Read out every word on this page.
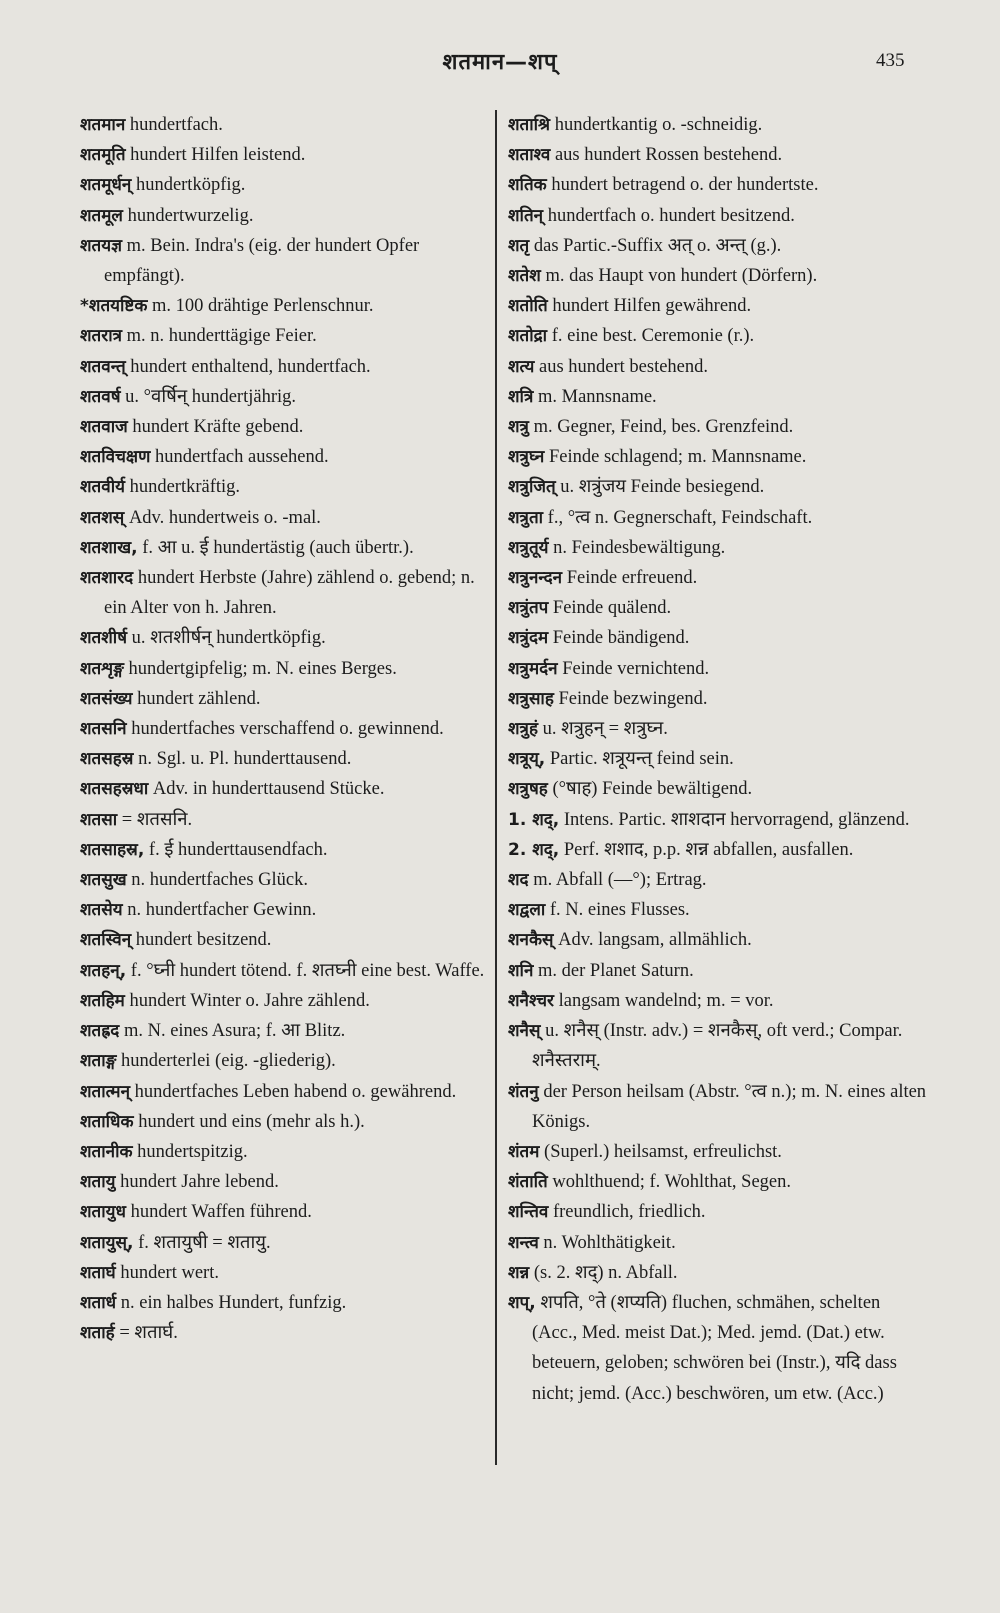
शतमान—शप्	435

शतमान hundertfach.

शतमूति hundert Hilfen leistend.

शतमूर्धन् hundertköpfig.

शतमूल hundertwurzelig.

शतयज्ञ m. Bein. Indra's (eig. der hundert Opfer empfängt).

*शतयष्टिक m. 100 drähtige Perlenschnur.

शतरात्र m. n. hunderttägige Feier.

शतवन्त् hundert enthaltend, hundertfach.

शतवर्ष u. °वर्षिन् hundertjährig.

शतवाज hundert Kräfte gebend.

शतविचक्षण hundertfach aussehend.

शतवीर्य hundertkräftig.

शतशस् Adv. hundertweis o. -mal.

शतशाख, f. आ u. ई hundertästig (auch übertr.).

शतशारद hundert Herbste (Jahre) zählend o. gebend; n. ein Alter von h. Jahren.

शतशीर्ष u. शतशीर्षन् hundertköpfig.

शतशृङ्ग hundertgipfelig; m. N. eines Berges.

शतसंख्य hundert zählend.

शतसनि hundertfaches verschaffend o. gewinnend.

शतसहस्र n. Sgl. u. Pl. hunderttausend.

शतसहस्रधा Adv. in hunderttausend Stücke.

शतसा = शतसनि.

शतसाहस्र, f. ई hunderttausendfach.

शतसुख n. hundertfaches Glück.

शतसेय n. hundertfacher Gewinn.

शतस्विन् hundert besitzend.

शतहन्, f. °घ्नी hundert tötend. f. शतघ्नी eine best. Waffe.

शतहिम hundert Winter o. Jahre zählend.

शतह्रद m. N. eines Asura; f. आ Blitz.

शताङ्ग hunderterlei (eig. -gliederig).

शतात्मन् hundertfaches Leben habend o. gewährend.

शताधिक hundert und eins (mehr als h.).

शतानीक hundertspitzig.

शतायु hundert Jahre lebend.

शतायुध hundert Waffen führend.

शतायुस्, f. शतायुषी = शतायु.

शतार्घ hundert wert.

शतार्ध n. ein halbes Hundert, funfzig.

शतार्ह = शतार्घ.

शताश्रि hundertkantig o. -schneidig.

शताश्व aus hundert Rossen bestehend.

शतिक hundert betragend o. der hundertste.

शतिन् hundertfach o. hundert besitzend.

शतृ das Partic.-Suffix अत् o. अन्त् (g.).

शतेश m. das Haupt von hundert (Dörfern).

शतोति hundert Hilfen gewährend.

शतोद्रा f. eine best. Ceremonie (r.).

शत्य aus hundert bestehend.

शत्रि m. Mannsname.

शत्रु m. Gegner, Feind, bes. Grenzfeind.

शत्रुघ्न Feinde schlagend; m. Mannsname.

शत्रुजित् u. शत्रुंजय Feinde besiegend.

शत्रुता f., °त्व n. Gegnerschaft, Feindschaft.

शत्रुतूर्य n. Feindesbewältigung.

शत्रुनन्दन Feinde erfreuend.

शत्रुंतप Feinde quälend.

शत्रुंदम Feinde bändigend.

शत्रुमर्दन Feinde vernichtend.

शत्रुसाह Feinde bezwingend.

शत्रुहं u. शत्रुहन् = शत्रुघ्न.

शत्रूय्, Partic. शत्रूयन्त् feind sein.

शत्रुषह (°षाह) Feinde bewältigend.

1. शद्, Intens. Partic. शाशदान hervorragend, glänzend.

2. शद्, Perf. शशाद, p.p. शन्न abfallen, ausfallen.

शद m. Abfall (—°); Ertrag.

शद्वला f. N. eines Flusses.

शनकैस् Adv. langsam, allmählich.

शनि m. der Planet Saturn.

शनैश्चर langsam wandelnd; m. = vor.

शनैस् u. शनैस् (Instr. adv.) = शनकैस्, oft verd.; Compar. शनैस्तराम्.

शंतनु der Person heilsam (Abstr. °त्व n.); m. N. eines alten Königs.

शंतम (Superl.) heilsamst, erfreulichst.

शंताति wohlthuend; f. Wohlthat, Segen.

शन्तिव freundlich, friedlich.

शन्त्व n. Wohlthätigkeit.

शन्न (s. 2. शद्) n. Abfall.

शप्, शपति, °ते (शप्यति) fluchen, schmähen, schelten (Acc., Med. meist Dat.); Med. jemd. (Dat.) etw. beteuern, geloben; schwören bei (Instr.), यदि dass nicht; jemd. (Acc.) beschwören, um etw. (Acc.)
